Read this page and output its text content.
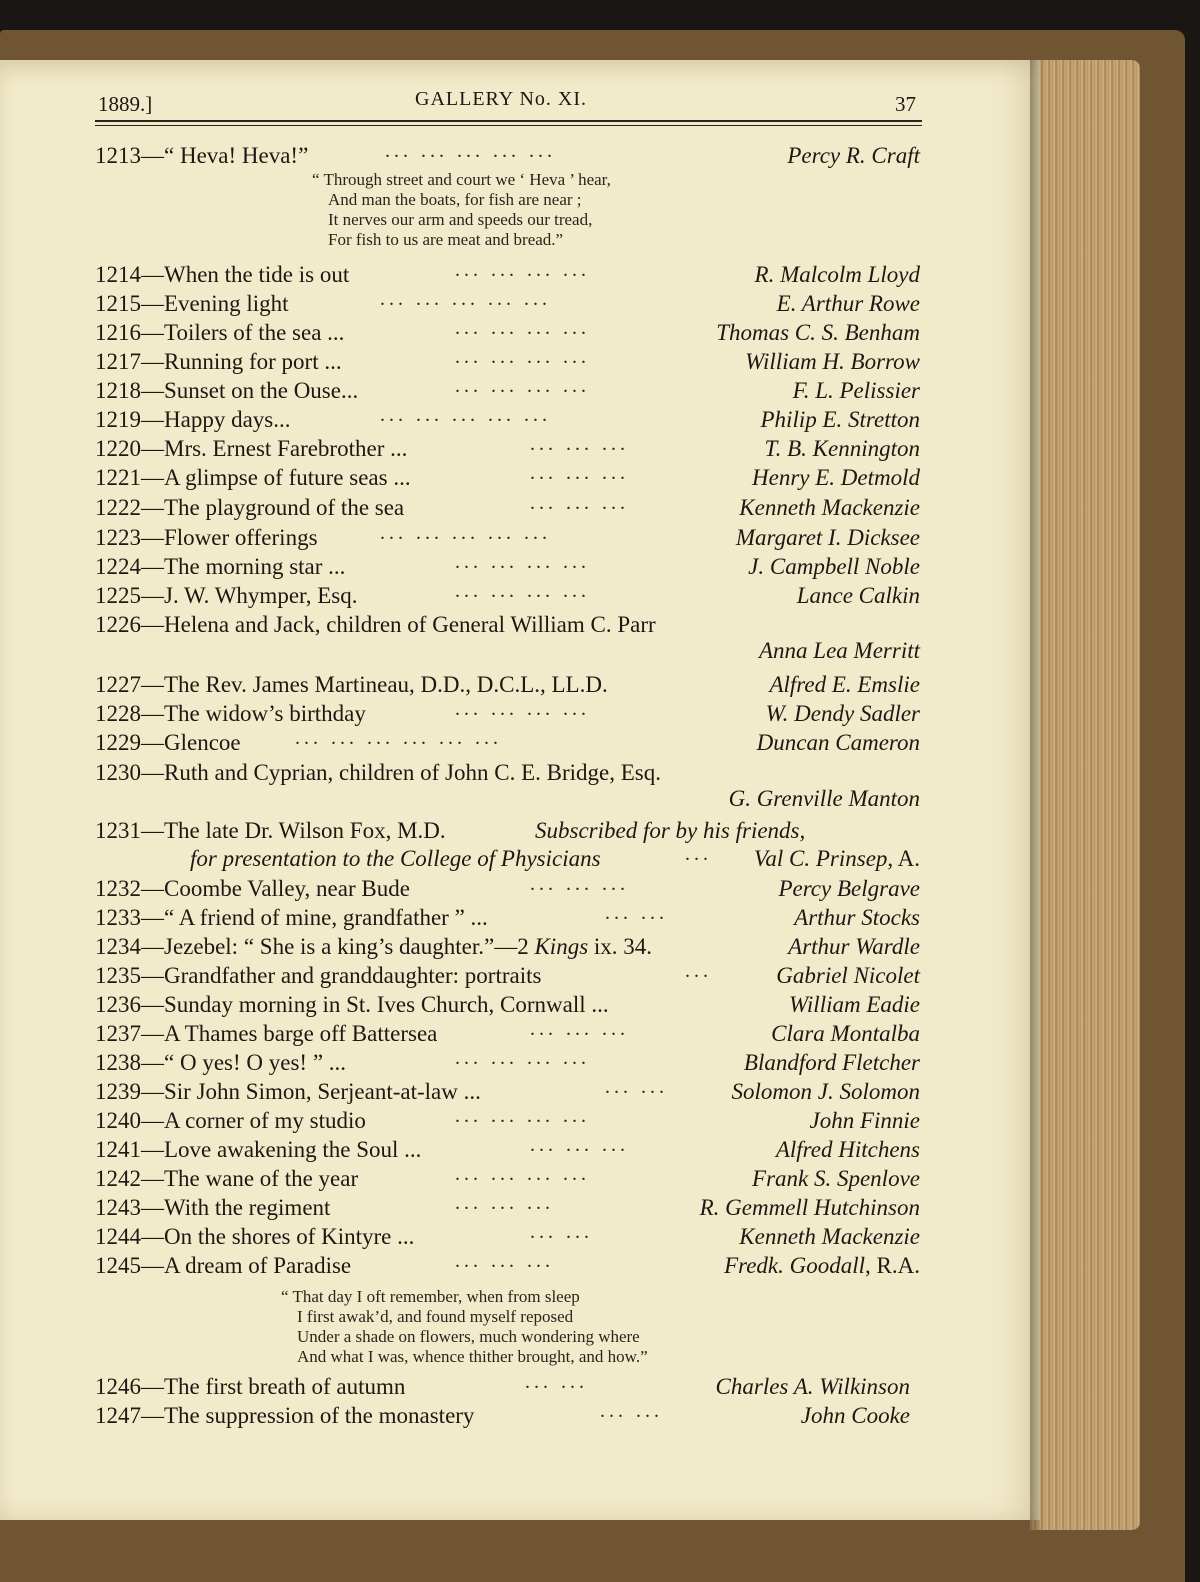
1889.]	GALLERY No. XI.	37
1213—“ Heva! Heva!”	... ... ... ... ...	Percy R. Craft
“ Through street and court we ‘ Heva ’ hear,
And man the boats, for fish are near ;
It nerves our arm and speeds our tread,
For fish to us are meat and bread.”
1214—When the tide is out	... ... ... ...	R. Malcolm Lloyd
1215—Evening light	... ... ... ... ...	E. Arthur Rowe
1216—Toilers of the sea ...	... ... ... ...	Thomas C. S. Benham
1217—Running for port ...	... ... ... ...	William H. Borrow
1218—Sunset on the Ouse...	... ... ... ...	F. L. Pelissier
1219—Happy days...	... ... ... ... ...	Philip E. Stretton
1220—Mrs. Ernest Farebrother ...	... ... ...	T. B. Kennington
1221—A glimpse of future seas ...	... ... ...	Henry E. Detmold
1222—The playground of the sea	... ... ...	Kenneth Mackenzie
1223—Flower offerings	... ... ... ... ...	Margaret I. Dicksee
1224—The morning star ...	... ... ... ...	J. Campbell Noble
1225—J. W. Whymper, Esq.	... ... ... ...	Lance Calkin
1226—Helena and Jack, children of General William C. Parr
Anna Lea Merritt
1227—The Rev. James Martineau, D.D., D.C.L., LL.D.	Alfred E. Emslie
1228—The widow’s birthday	... ... ... ...	W. Dendy Sadler
1229—Glencoe	... ... ... ... ... ...	Duncan Cameron
1230—Ruth and Cyprian, children of John C. E. Bridge, Esq.
G. Grenville Manton
1231—The late Dr. Wilson Fox, M.D.	Subscribed for by his friends,
for presentation to the College of Physicians	... Val C. Prinsep, A.
1232—Coombe Valley, near Bude	... ... ...	Percy Belgrave
1233—“ A friend of mine, grandfather ” ...	... ...	Arthur Stocks
1234—Jezebel: “ She is a king’s daughter.”—2 Kings ix. 34.	Arthur Wardle
1235—Grandfather and granddaughter: portraits	...	Gabriel Nicolet
1236—Sunday morning in St. Ives Church, Cornwall ...	William Eadie
1237—A Thames barge off Battersea	... ... ...	Clara Montalba
1238—“ O yes! O yes! ” ...	... ... ... ...	Blandford Fletcher
1239—Sir John Simon, Serjeant-at-law ...	... ...	Solomon J. Solomon
1240—A corner of my studio	... ... ... ...	John Finnie
1241—Love awakening the Soul ...	... ... ...	Alfred Hitchens
1242—The wane of the year	... ... ... ...	Frank S. Spenlove
1243—With the regiment	... ... ...	R. Gemmell Hutchinson
1244—On the shores of Kintyre ...	... ...	Kenneth Mackenzie
1245—A dream of Paradise	... ... ...	Fredk. Goodall, R.A.
“ That day I oft remember, when from sleep
I first awak’d, and found myself reposed
Under a shade on flowers, much wondering where
And what I was, whence thither brought, and how.”
1246—The first breath of autumn	... ...	Charles A. Wilkinson
1247—The suppression of the monastery	... ...	John Cooke
